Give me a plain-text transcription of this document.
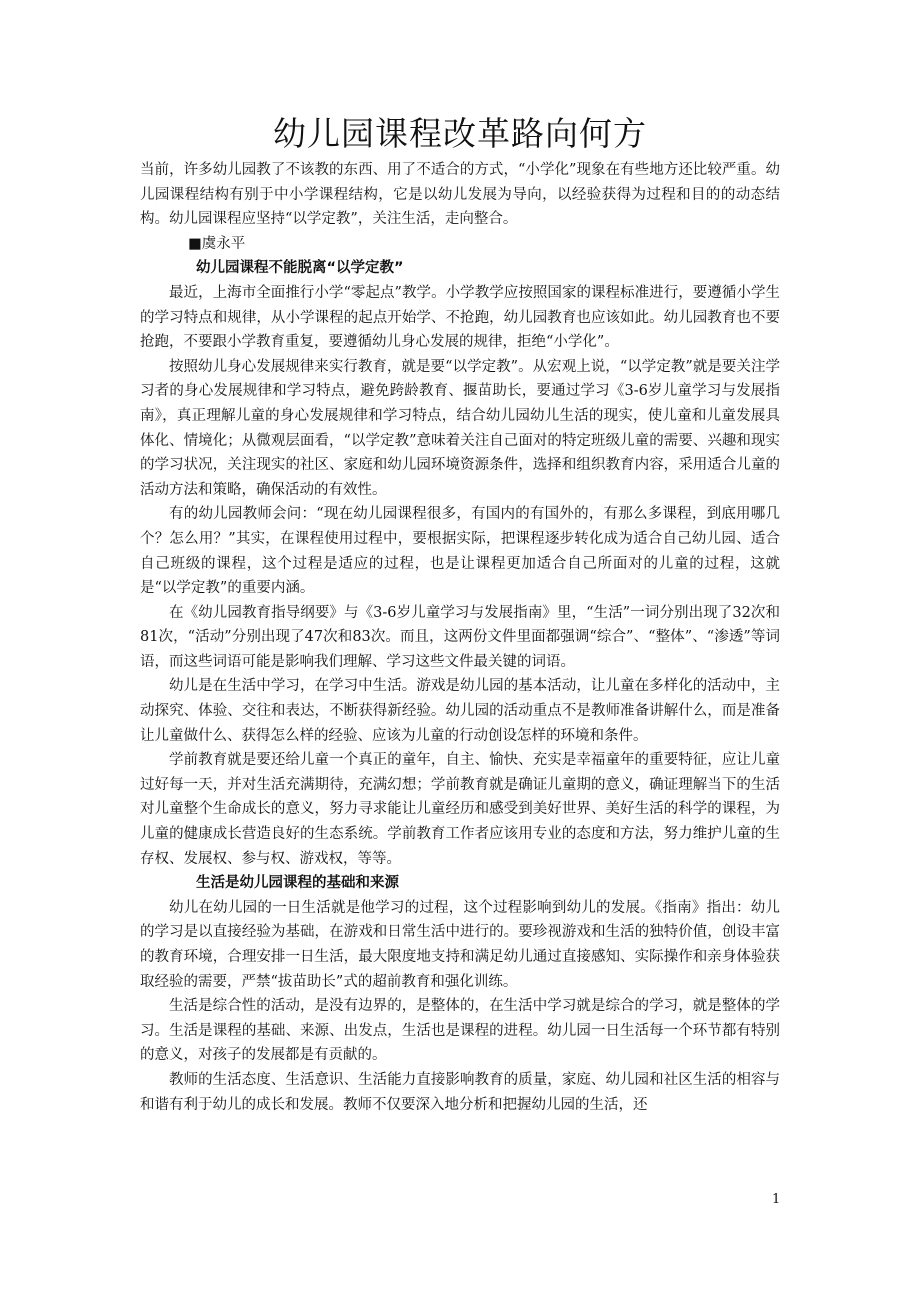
幼儿园课程改革路向何方

当前，许多幼儿园教了不该教的东西、用了不适合的方式，“小学化”现象在有些地方还比较严重。幼儿园课程结构有别于中小学课程结构，它是以幼儿发展为导向，以经验获得为过程和目的的动态结构。幼儿园课程应坚持“以学定教”，关注生活，走向整合。

■虞永平

幼儿园课程不能脱离“以学定教”

最近，上海市全面推行小学“零起点”教学。小学教学应按照国家的课程标准进行，要遵循小学生的学习特点和规律，从小学课程的起点开始学、不抢跑，幼儿园教育也应该如此。幼儿园教育也不要抢跑，不要跟小学教育重复，要遵循幼儿身心发展的规律，拒绝“小学化”。

按照幼儿身心发展规律来实行教育，就是要“以学定教”。从宏观上说，“以学定教”就是要关注学习者的身心发展规律和学习特点，避免跨龄教育、揠苗助长，要通过学习《3-6岁儿童学习与发展指南》，真正理解儿童的身心发展规律和学习特点，结合幼儿园幼儿生活的现实，使儿童和儿童发展具体化、情境化；从微观层面看，“以学定教”意味着关注自己面对的特定班级儿童的需要、兴趣和现实的学习状况，关注现实的社区、家庭和幼儿园环境资源条件，选择和组织教育内容，采用适合儿童的活动方法和策略，确保活动的有效性。

有的幼儿园教师会问：“现在幼儿园课程很多，有国内的有国外的，有那么多课程，到底用哪几个？怎么用？”其实，在课程使用过程中，要根据实际，把课程逐步转化成为适合自己幼儿园、适合自己班级的课程，这个过程是适应的过程，也是让课程更加适合自己所面对的儿童的过程，这就是“以学定教”的重要内涵。

在《幼儿园教育指导纲要》与《3-6岁儿童学习与发展指南》里，“生活”一词分别出现了32次和81次，“活动”分别出现了47次和83次。而且，这两份文件里面都强调“综合”、“整体”、“渗透”等词语，而这些词语可能是影响我们理解、学习这些文件最关键的词语。

幼儿是在生活中学习，在学习中生活。游戏是幼儿园的基本活动，让儿童在多样化的活动中，主动探究、体验、交往和表达，不断获得新经验。幼儿园的活动重点不是教师准备讲解什么，而是准备让儿童做什么、获得怎么样的经验、应该为儿童的行动创设怎样的环境和条件。

学前教育就是要还给儿童一个真正的童年，自主、愉快、充实是幸福童年的重要特征，应让儿童过好每一天，并对生活充满期待，充满幻想；学前教育就是确证儿童期的意义，确证理解当下的生活对儿童整个生命成长的意义，努力寻求能让儿童经历和感受到美好世界、美好生活的科学的课程，为儿童的健康成长营造良好的生态系统。学前教育工作者应该用专业的态度和方法，努力维护儿童的生存权、发展权、参与权、游戏权，等等。

生活是幼儿园课程的基础和来源

幼儿在幼儿园的一日生活就是他学习的过程，这个过程影响到幼儿的发展。《指南》指出：幼儿的学习是以直接经验为基础，在游戏和日常生活中进行的。要珍视游戏和生活的独特价值，创设丰富的教育环境，合理安排一日生活，最大限度地支持和满足幼儿通过直接感知、实际操作和亲身体验获取经验的需要，严禁“拔苗助长”式的超前教育和强化训练。

生活是综合性的活动，是没有边界的，是整体的，在生活中学习就是综合的学习，就是整体的学习。生活是课程的基础、来源、出发点，生活也是课程的进程。幼儿园一日生活每一个环节都有特别的意义，对孩子的发展都是有贡献的。

教师的生活态度、生活意识、生活能力直接影响教育的质量，家庭、幼儿园和社区生活的相容与和谐有利于幼儿的成长和发展。教师不仅要深入地分析和把握幼儿园的生活，还

1
